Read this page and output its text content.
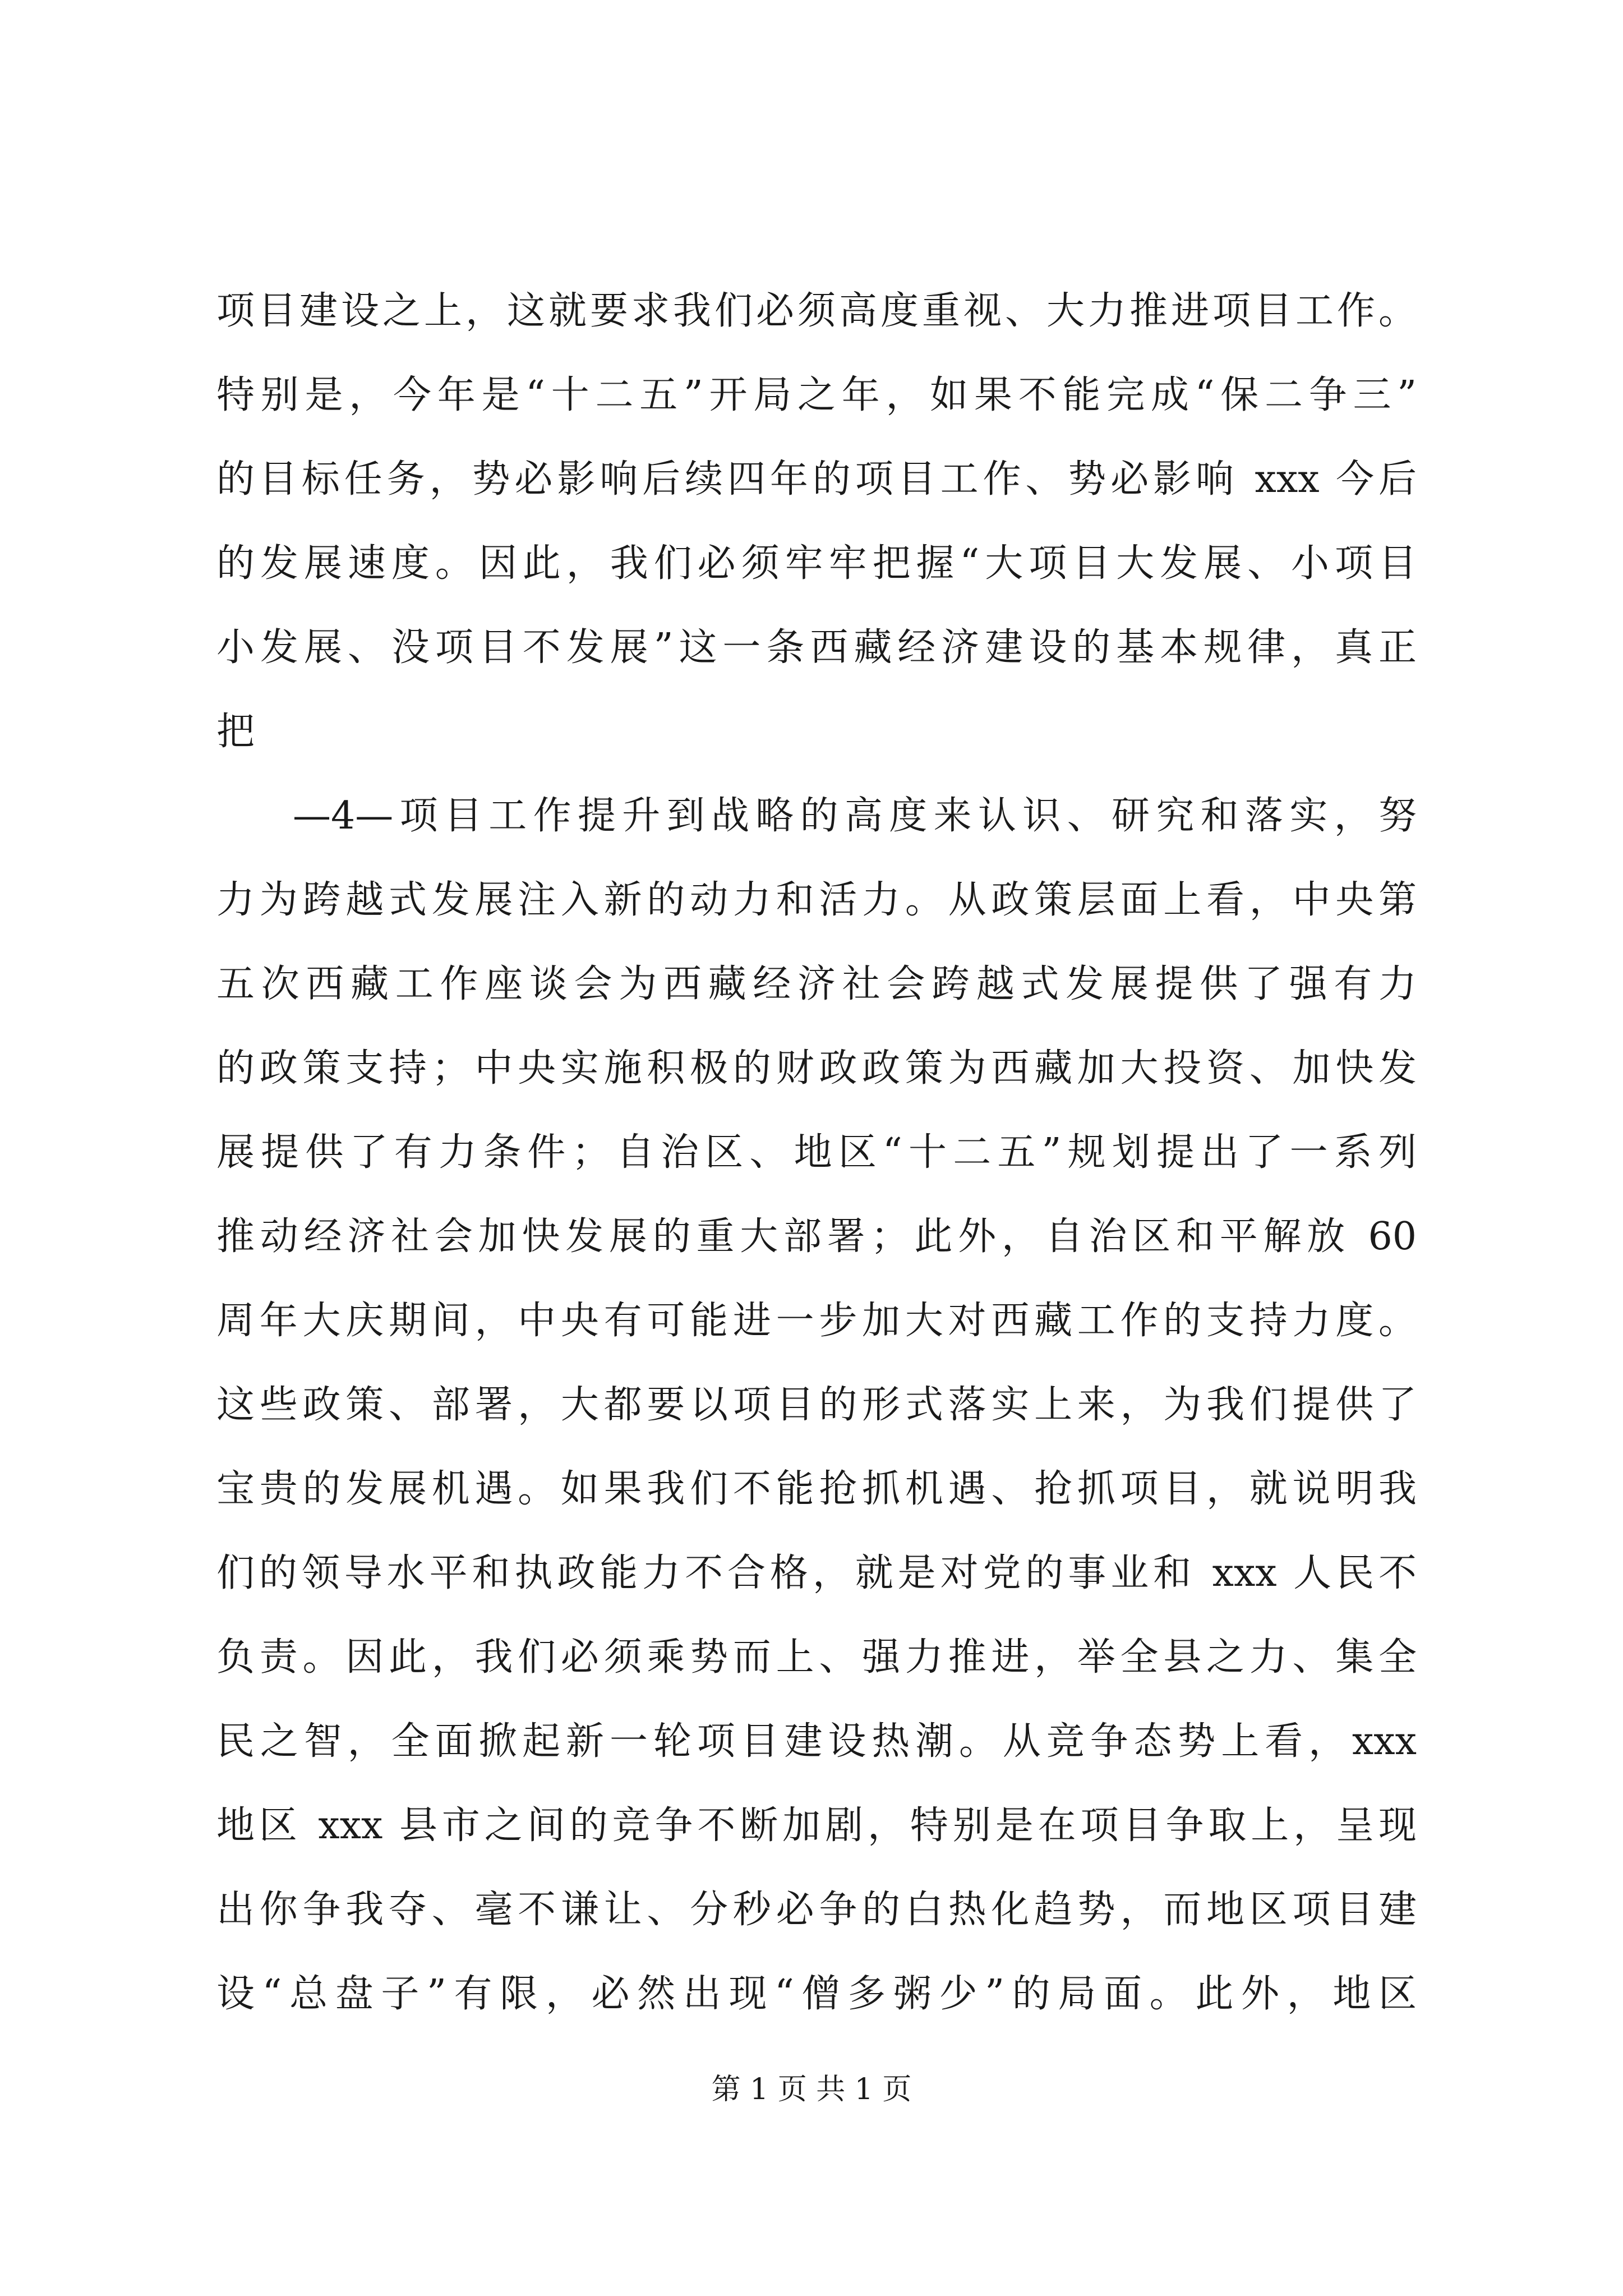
项目建设之上，这就要求我们必须高度重视、大力推进项目工作。
特别是，今年是“十二五”开局之年，如果不能完成“保二争三”
的目标任务，势必影响后续四年的项目工作、势必影响 xxx 今后
的发展速度。因此，我们必须牢牢把握“大项目大发展、小项目
小发展、没项目不发展”这一条西藏经济建设的基本规律，真正
把
—4—项目工作提升到战略的高度来认识、研究和落实，努
力为跨越式发展注入新的动力和活力。从政策层面上看，中央第
五次西藏工作座谈会为西藏经济社会跨越式发展提供了强有力
的政策支持；中央实施积极的财政政策为西藏加大投资、加快发
展提供了有力条件；自治区、地区“十二五”规划提出了一系列
推动经济社会加快发展的重大部署；此外，自治区和平解放 60
周年大庆期间，中央有可能进一步加大对西藏工作的支持力度。
这些政策、部署，大都要以项目的形式落实上来，为我们提供了
宝贵的发展机遇。如果我们不能抢抓机遇、抢抓项目，就说明我
们的领导水平和执政能力不合格，就是对党的事业和 xxx 人民不
负责。因此，我们必须乘势而上、强力推进，举全县之力、集全
民之智，全面掀起新一轮项目建设热潮。从竞争态势上看，xxx
地区 xxx 县市之间的竞争不断加剧，特别是在项目争取上，呈现
出你争我夺、毫不谦让、分秒必争的白热化趋势，而地区项目建
设“总盘子”有限，必然出现“僧多粥少”的局面。此外，地区
第 1 页 共 1 页
